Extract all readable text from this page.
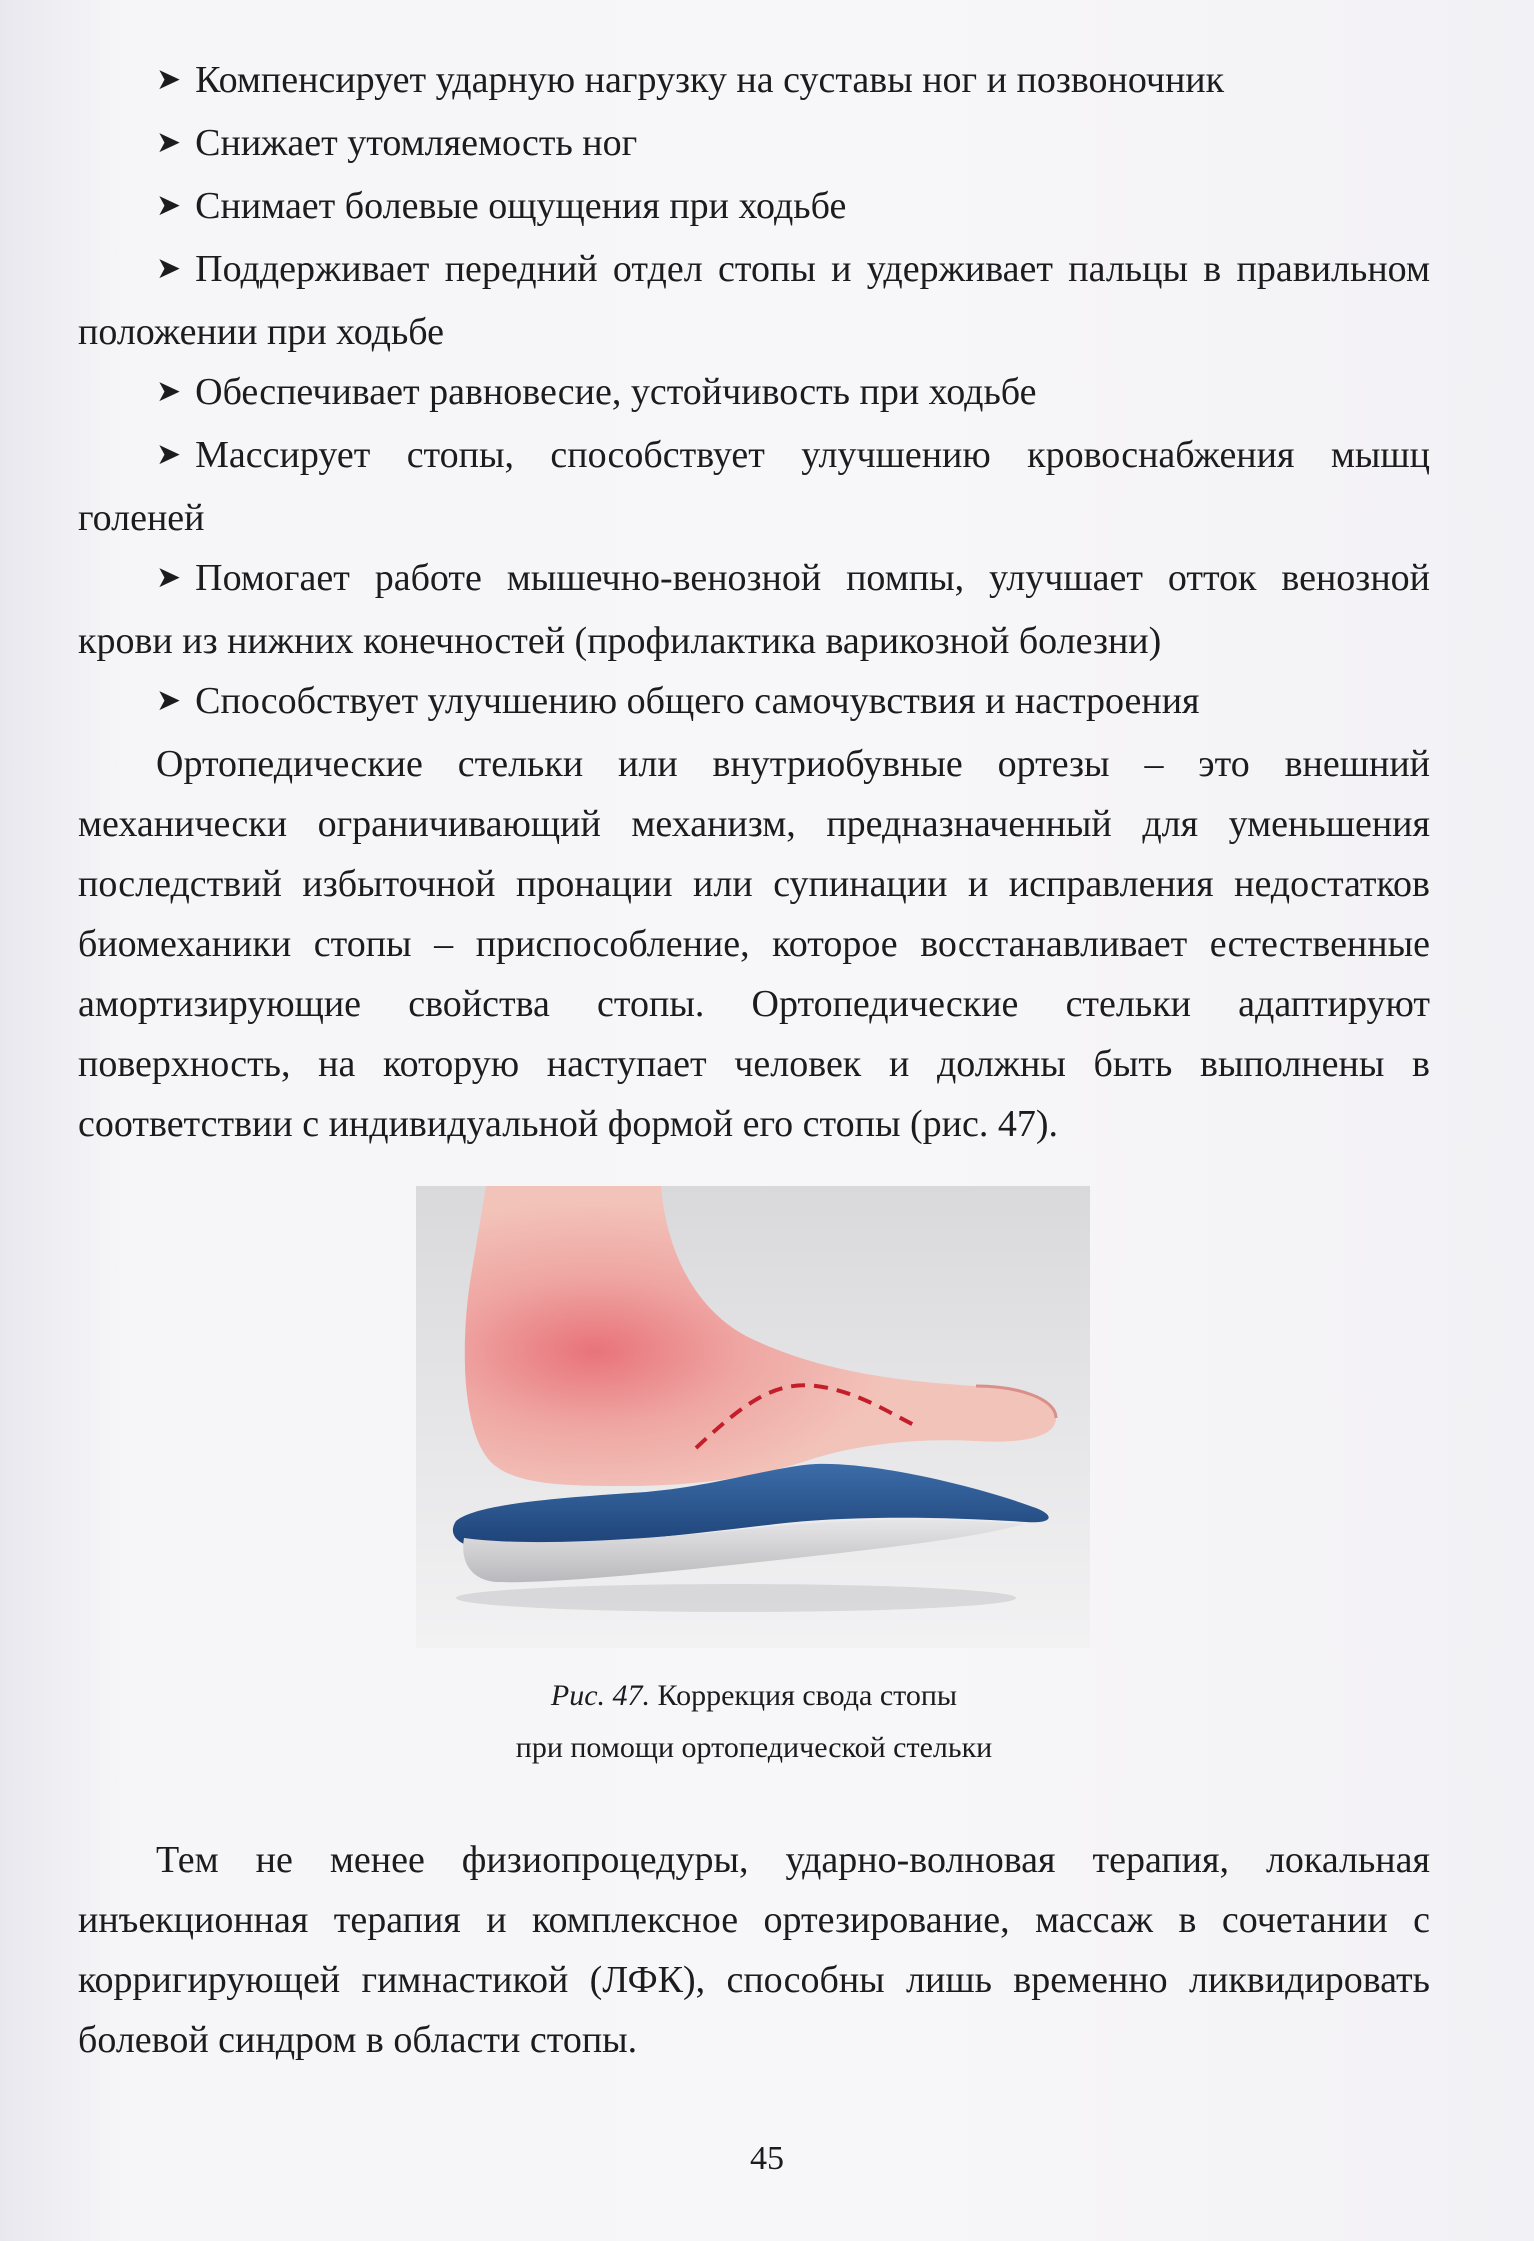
➤ Компенсирует ударную нагрузку на суставы ног и позвоночник
➤ Снижает утомляемость ног
➤ Снимает болевые ощущения при ходьбе
➤ Поддерживает передний отдел стопы и удерживает пальцы в правильном положении при ходьбе
➤ Обеспечивает равновесие, устойчивость при ходьбе
➤ Массирует стопы, способствует улучшению кровоснабжения мышц голеней
➤ Помогает работе мышечно-венозной помпы, улучшает отток венозной крови из нижних конечностей (профилактика варикозной болезни)
➤ Способствует улучшению общего самочувствия и настроения

Ортопедические стельки или внутриобувные ортезы – это внешний механически ограничивающий механизм, предназначенный для уменьшения последствий избыточной пронации или супинации и исправления недостатков биомеханики стопы – приспособление, которое восстанавливает естественные амортизирующие свойства стопы. Ортопедические стельки адаптируют поверхность, на которую наступает человек и должны быть выполнены в соответствии с индивидуальной формой его стопы (рис. 47).

Рис. 47. Коррекция свода стопы
при помощи ортопедической стельки

Тем не менее физиопроцедуры, ударно-волновая терапия, локальная инъекционная терапия и комплексное ортезирование, массаж в сочетании с корригирующей гимнастикой (ЛФК), способны лишь временно ликвидировать болевой синдром в области стопы.

45
